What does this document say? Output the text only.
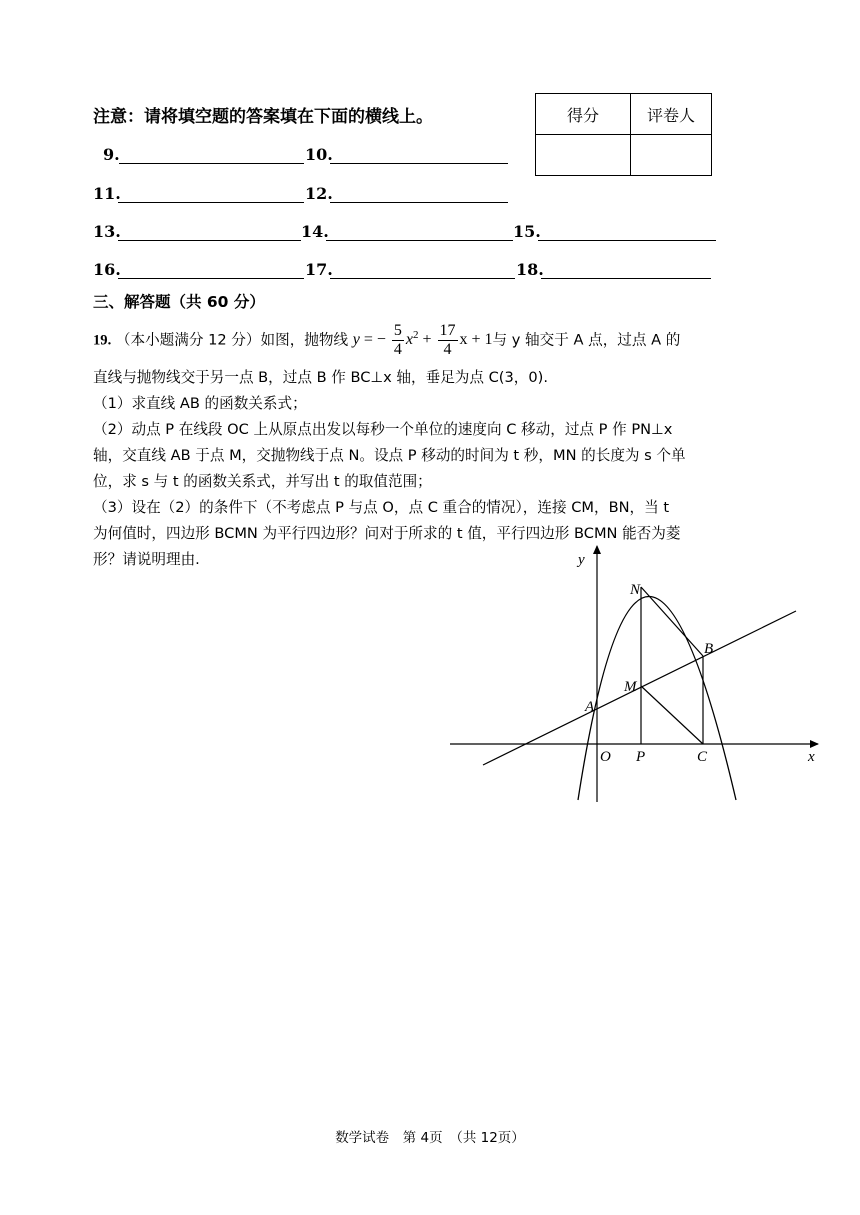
注意：请将填空题的答案填在下面的横线上。	得分	评卷人

9.	10.
11.	12.
13.	14.	15.
16.	17.	18.
三、解答题（共 60 分）
19. （本小题满分 12 分）如图，抛物线 y = − $\frac{5}{4} x^2 + \frac{17}{4}$ x + 1与 y 轴交于 A 点，过点 A 的
直线与抛物线交于另一点 B，过点 B 作 BC⊥x 轴，垂足为点 C(3，0).
（1）求直线 AB 的函数关系式；
（2）动点 P 在线段 OC 上从原点出发以每秒一个单位的速度向 C 移动，过点 P 作 PN⊥x
轴，交直线 AB 于点 M，交抛物线于点 N。设点 P 移动的时间为 t 秒，MN 的长度为 s 个单
位，求 s 与 t 的函数关系式，并写出 t 的取值范围；
（3）设在（2）的条件下（不考虑点 P 与点 O，点 C 重合的情况），连接 CM，BN，当 t
为何值时，四边形 BCMN 为平行四边形？问对于所求的 t 值，平行四边形 BCMN 能否为菱
形？请说明理由.	y
x
O P	C
A
M
N
B
数学试卷　第 4页　（共 12页）
